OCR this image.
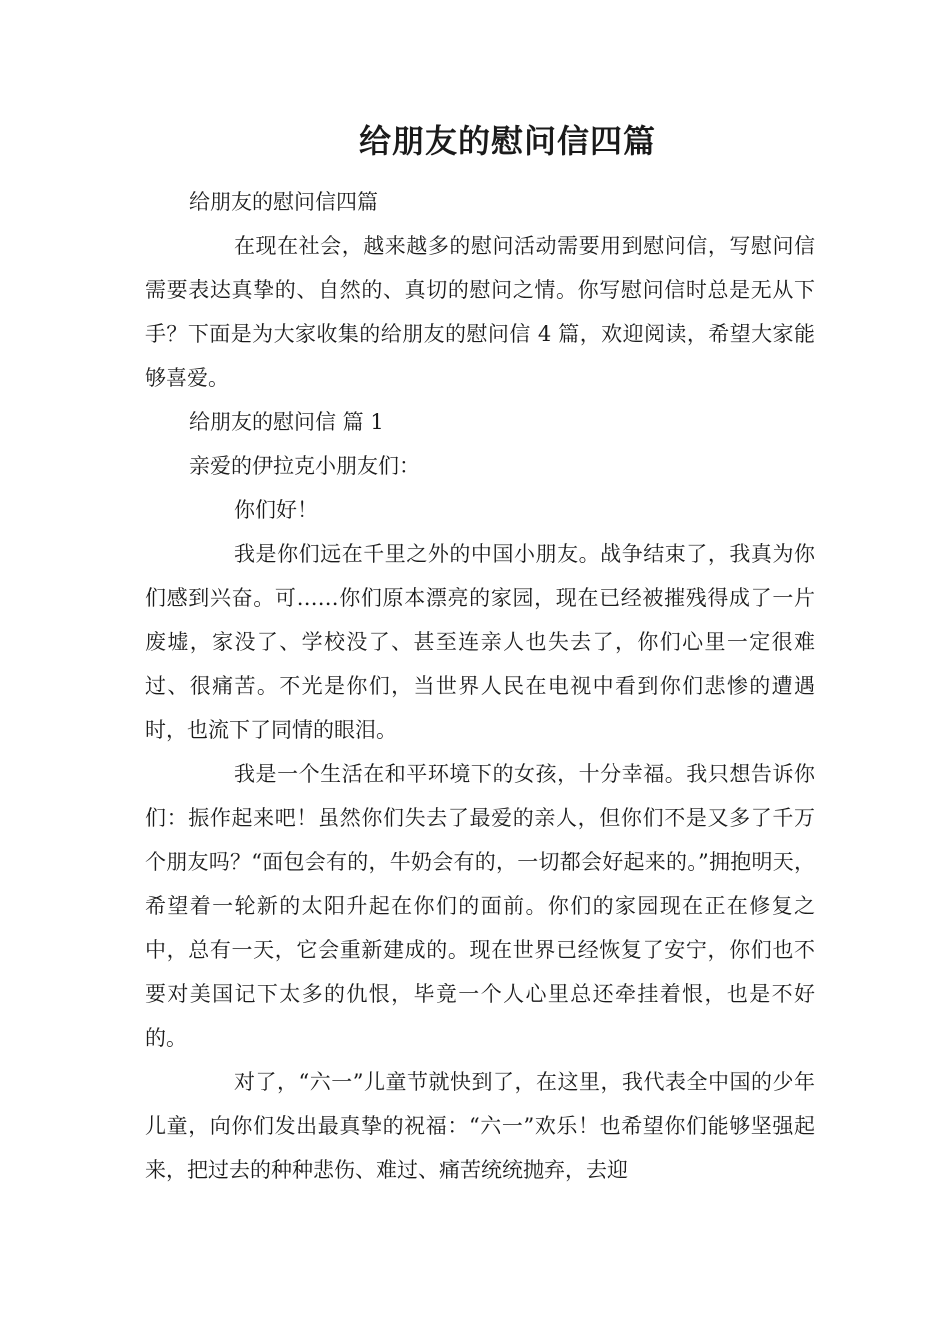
给朋友的慰问信四篇

给朋友的慰问信四篇

在现在社会，越来越多的慰问活动需要用到慰问信，写慰问信需要表达真挚的、自然的、真切的慰问之情。你写慰问信时总是无从下手？下面是为大家收集的给朋友的慰问信 4 篇，欢迎阅读，希望大家能够喜爱。

给朋友的慰问信 篇 1

亲爱的伊拉克小朋友们：

你们好！

我是你们远在千里之外的中国小朋友。战争结束了，我真为你们感到兴奋。可……你们原本漂亮的家园，现在已经被摧残得成了一片废墟，家没了、学校没了、甚至连亲人也失去了，你们心里一定很难过、很痛苦。不光是你们，当世界人民在电视中看到你们悲惨的遭遇时，也流下了同情的眼泪。

我是一个生活在和平环境下的女孩，十分幸福。我只想告诉你们：振作起来吧！虽然你们失去了最爱的亲人，但你们不是又多了千万个朋友吗？“面包会有的，牛奶会有的，一切都会好起来的。”拥抱明天，希望着一轮新的太阳升起在你们的面前。你们的家园现在正在修复之中，总有一天，它会重新建成的。现在世界已经恢复了安宁，你们也不要对美国记下太多的仇恨，毕竟一个人心里总还牵挂着恨，也是不好的。

对了，“六一”儿童节就快到了，在这里，我代表全中国的少年儿童，向你们发出最真挚的祝福：“六一”欢乐！也希望你们能够坚强起来，把过去的种种悲伤、难过、痛苦统统抛弃，去迎
